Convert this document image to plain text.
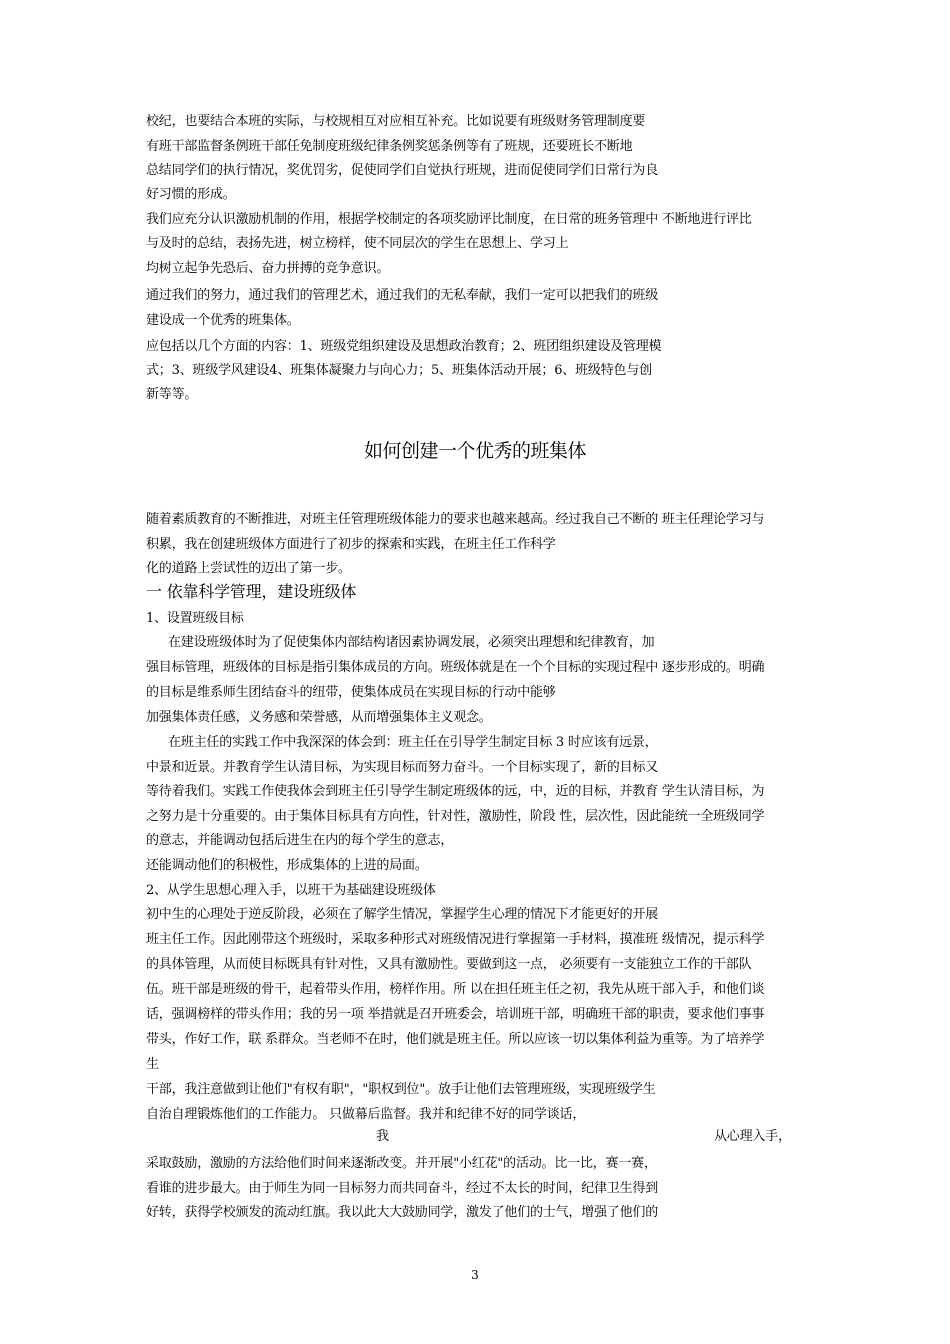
校纪，也要结合本班的实际，与校规相互对应相互补充。比如说要有班级财务管理制度要
有班干部监督条例班干部任免制度班级纪律条例奖惩条例等有了班规，还要班长不断地
总结同学们的执行情况，奖优罚劣，促使同学们自觉执行班规，进而促使同学们日常行为良
好习惯的形成。
我们应充分认识激励机制的作用，根据学校制定的各项奖励评比制度，在日常的班务管理中 不断地进行评比
与及时的总结，表扬先进，树立榜样，使不同层次的学生在思想上、学习上
均树立起争先恐后、奋力拼搏的竞争意识。
通过我们的努力，通过我们的管理艺术，通过我们的无私奉献，我们一定可以把我们的班级
建设成一个优秀的班集体。
应包括以几个方面的内容：1、班级党组织建设及思想政治教育；2、班团组织建设及管理模
式；3、班级学风建设4、班集体凝聚力与向心力；5、班集体活动开展；6、班级特色与创
新等等。
如何创建一个优秀的班集体
随着素质教育的不断推进，对班主任管理班级体能力的要求也越来越高。经过我自己不断的 班主任理论学习与
积累，我在创建班级体方面进行了初步的探索和实践，在班主任工作科学
化的道路上尝试性的迈出了第一步。
一 依靠科学管理，建设班级体
1、设置班级目标
在建设班级体时为了促使集体内部结构诸因素协调发展，必须突出理想和纪律教育，加
强目标管理，班级体的目标是指引集体成员的方向。班级体就是在一个个目标的实现过程中 逐步形成的。明确
的目标是维系师生团结奋斗的纽带，使集体成员在实现目标的行动中能够
加强集体责任感，义务感和荣誉感，从而增强集体主义观念。
在班主任的实践工作中我深深的体会到：班主任在引导学生制定目标 3 时应该有远景，
中景和近景。并教育学生认清目标，为实现目标而努力奋斗。一个目标实现了，新的目标又
等待着我们。实践工作使我体会到班主任引导学生制定班级体的远，中，近的目标，并教育 学生认清目标，为
之努力是十分重要的。由于集体目标具有方向性，针对性，激励性，阶段 性，层次性，因此能统一全班级同学
的意志，并能调动包括后进生在内的每个学生的意志，
还能调动他们的积极性，形成集体的上进的局面。
2、从学生思想心理入手，以班干为基础建设班级体
初中生的心理处于逆反阶段，必须在了解学生情况，掌握学生心理的情况下才能更好的开展
班主任工作。因此刚带这个班级时，采取多种形式对班级情况进行掌握第一手材料，摸准班 级情况，提示科学
的具体管理，从而使目标既具有针对性，又具有激励性。要做到这一点， 必须要有一支能独立工作的干部队
伍。班干部是班级的骨干，起着带头作用，榜样作用。所 以在担任班主任之初，我先从班干部入手，和他们谈
话，强调榜样的带头作用；我的另一项 举措就是召开班委会，培训班干部，明确班干部的职责，要求他们事事
带头，作好工作，联 系群众。当老师不在时，他们就是班主任。所以应该一切以集体利益为重等。为了培养学
生
干部，我注意做到让他们"有权有职"，"职权到位"。放手让他们去管理班级，实现班级学生
自治自理锻炼他们的工作能力。 只做幕后监督。我并和纪律不好的同学谈话，
我	从心理入手，
采取鼓励，激励的方法给他们时间来逐渐改变。并开展"小红花"的活动。比一比，赛一赛，
看谁的进步最大。由于师生为同一目标努力而共同奋斗，经过不太长的时间，纪律卫生得到
好转，获得学校颁发的流动红旗。我以此大大鼓励同学，激发了他们的士气，增强了他们的
3
